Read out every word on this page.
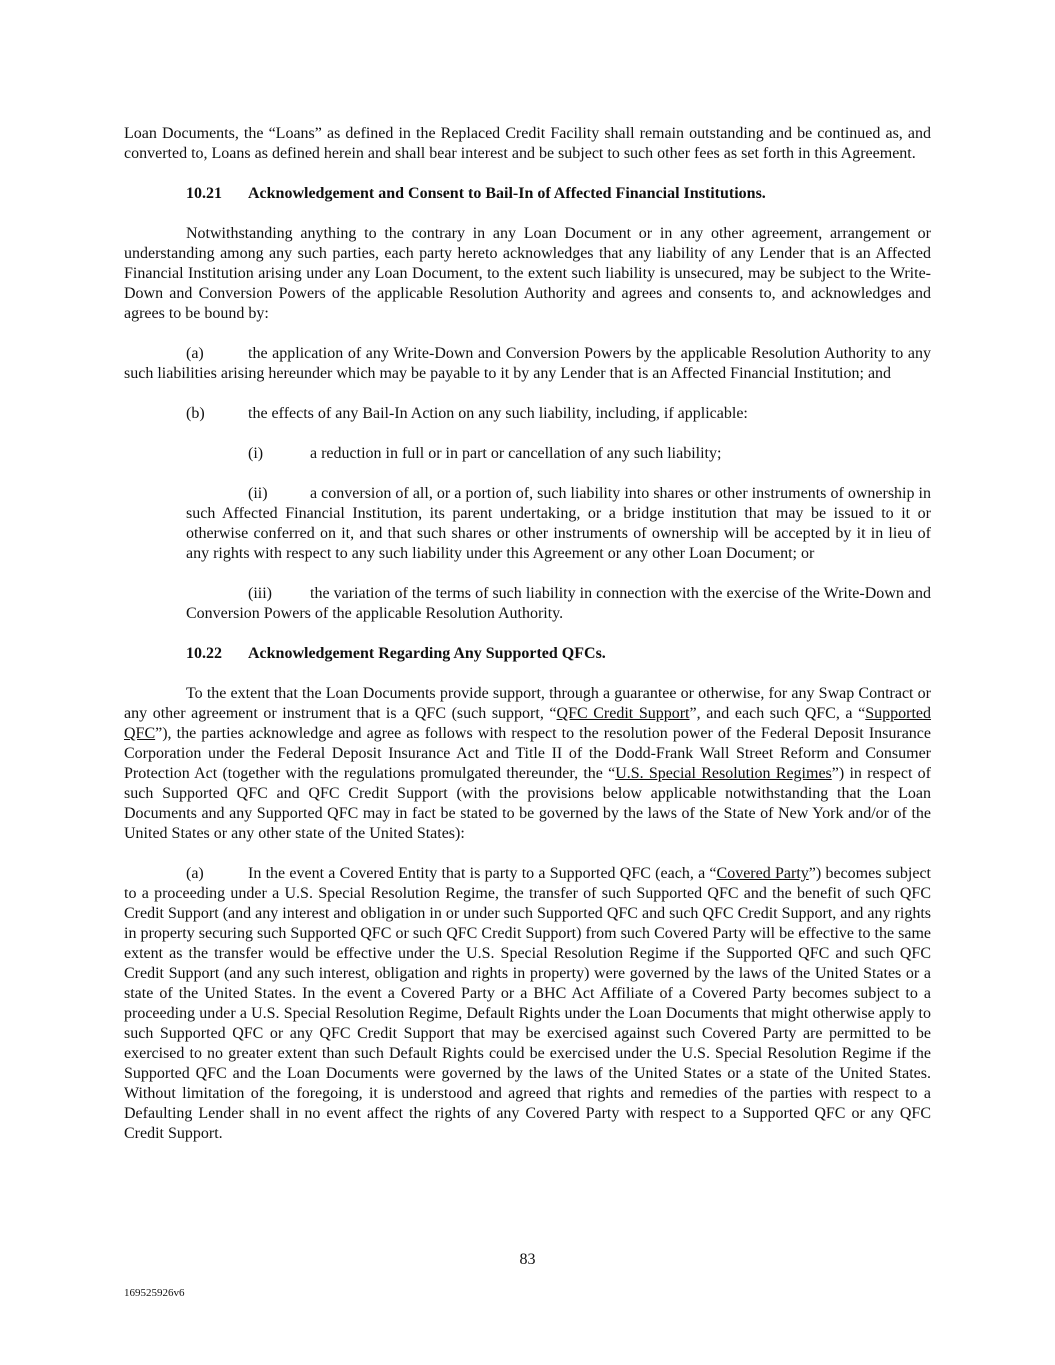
Loan Documents, the “Loans” as defined in the Replaced Credit Facility shall remain outstanding and be continued as, and converted to, Loans as defined herein and shall bear interest and be subject to such other fees as set forth in this Agreement.

10.21 Acknowledgement and Consent to Bail-In of Affected Financial Institutions.

Notwithstanding anything to the contrary in any Loan Document or in any other agreement, arrangement or understanding among any such parties, each party hereto acknowledges that any liability of any Lender that is an Affected Financial Institution arising under any Loan Document, to the extent such liability is unsecured, may be subject to the Write-Down and Conversion Powers of the applicable Resolution Authority and agrees and consents to, and acknowledges and agrees to be bound by:

(a)	the application of any Write-Down and Conversion Powers by the applicable Resolution Authority to any such liabilities arising hereunder which may be payable to it by any Lender that is an Affected Financial Institution; and

(b)	the effects of any Bail-In Action on any such liability, including, if applicable:

(i)	a reduction in full or in part or cancellation of any such liability;

(ii)	a conversion of all, or a portion of, such liability into shares or other instruments of ownership in such Affected Financial Institution, its parent undertaking, or a bridge institution that may be issued to it or otherwise conferred on it, and that such shares or other instruments of ownership will be accepted by it in lieu of any rights with respect to any such liability under this Agreement or any other Loan Document; or

(iii) the variation of the terms of such liability in connection with the exercise of the Write-Down and Conversion Powers of the applicable Resolution Authority.

10.22 Acknowledgement Regarding Any Supported QFCs.

To the extent that the Loan Documents provide support, through a guarantee or otherwise, for any Swap Contract or any other agreement or instrument that is a QFC (such support, “QFC Credit Support”, and each such QFC, a “Supported QFC”), the parties acknowledge and agree as follows with respect to the resolution power of the Federal Deposit Insurance Corporation under the Federal Deposit Insurance Act and Title II of the Dodd-Frank Wall Street Reform and Consumer Protection Act (together with the regulations promulgated thereunder, the “U.S. Special Resolution Regimes”) in respect of such Supported QFC and QFC Credit Support (with the provisions below applicable notwithstanding that the Loan Documents and any Supported QFC may in fact be stated to be governed by the laws of the State of New York and/or of the United States or any other state of the United States):

(a)	In the event a Covered Entity that is party to a Supported QFC (each, a “Covered Party”) becomes subject to a proceeding under a U.S. Special Resolution Regime, the transfer of such Supported QFC and the benefit of such QFC Credit Support (and any interest and obligation in or under such Supported QFC and such QFC Credit Support, and any rights in property securing such Supported QFC or such QFC Credit Support) from such Covered Party will be effective to the same extent as the transfer would be effective under the U.S. Special Resolution Regime if the Supported QFC and such QFC Credit Support (and any such interest, obligation and rights in property) were governed by the laws of the United States or a state of the United States. In the event a Covered Party or a BHC Act Affiliate of a Covered Party becomes subject to a proceeding under a U.S. Special Resolution Regime, Default Rights under the Loan Documents that might otherwise apply to such Supported QFC or any QFC Credit Support that may be exercised against such Covered Party are permitted to be exercised to no greater extent than such Default Rights could be exercised under the U.S. Special Resolution Regime if the Supported QFC and the Loan Documents were governed by the laws of the United States or a state of the United States. Without limitation of the foregoing, it is understood and agreed that rights and remedies of the parties with respect to a Defaulting Lender shall in no event affect the rights of any Covered Party with respect to a Supported QFC or any QFC Credit Support.

83
169525926v6
